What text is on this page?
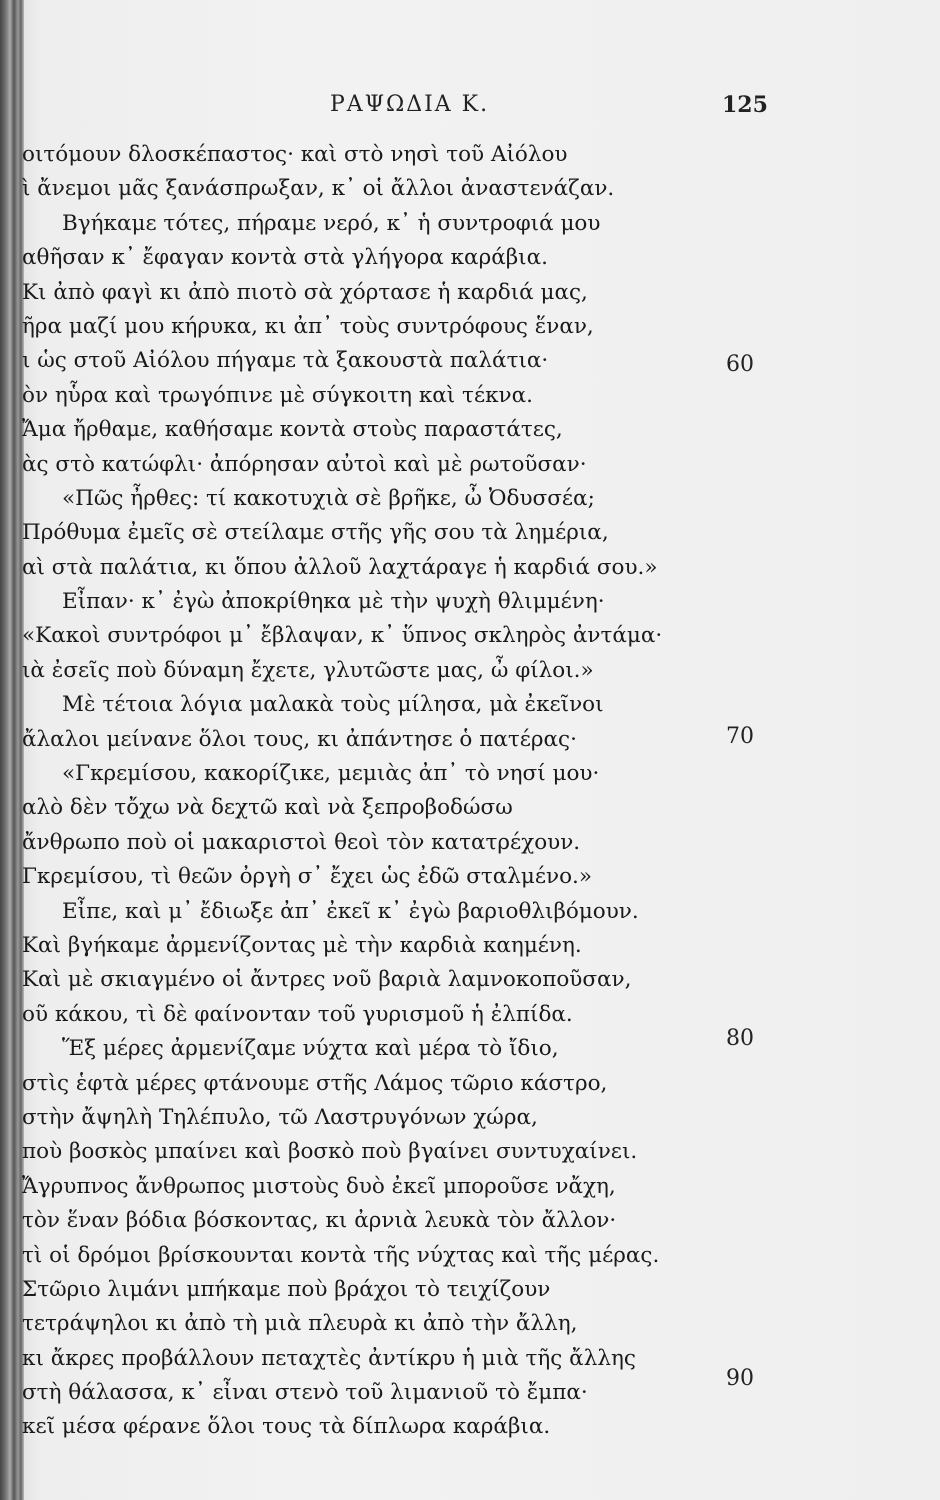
ΡΑΨΩΔΙΑ Κ.	125
οιτόμουν δλοσκέπαστος· καὶ στὸ νησὶ τοῦ Αἰόλου
ὶ ἄνεμοι μᾶς ξανάσπρωξαν, κ᾿ οἱ ἄλλοι ἀναστενάζαν.
Βγήκαμε τότες, πήραμε νερό, κ᾿ ἡ συντροφιά μου
αθῆσαν κ᾿ ἔφαγαν κοντὰ στὰ γλήγορα καράβια.
Κι ἀπὸ φαγὶ κι ἀπὸ πιοτὸ σὰ χόρτασε ἡ καρδιά μας,
ῆρα μαζί μου κήρυκα, κι ἀπ᾿ τοὺς συντρόφους ἕναν,
ι ὡς στοῦ Αἰόλου πήγαμε τὰ ξακουστὰ παλάτια·
ὸν ηὗρα καὶ τρωγόπινε μὲ σύγκοιτη καὶ τέκνα.
Ἄμα ἤρθαμε, καθήσαμε κοντὰ στοὺς παραστάτες,
ὰς στὸ κατώφλι· ἀπόρησαν αὐτοὶ καὶ μὲ ρωτοῦσαν·
«Πῶς ἦρθες: τί κακοτυχιὰ σὲ βρῆκε, ὦ Ὀδυσσέα;
Πρόθυμα ἐμεῖς σὲ στείλαμε στῆς γῆς σου τὰ λημέρια,
αὶ στὰ παλάτια, κι ὅπου ἀλλοῦ λαχτάραγε ἡ καρδιά σου.»
Εἶπαν· κ᾿ ἐγὼ ἀποκρίθηκα μὲ τὴν ψυχὴ θλιμμένη·
«Κακοὶ συντρόφοι μ᾿ ἔβλαψαν, κ᾿ ὕπνος σκληρὸς ἀντάμα·
ιὰ ἐσεῖς ποὺ δύναμη ἔχετε, γλυτῶστε μας, ὦ φίλοι.»
Μὲ τέτοια λόγια μαλακὰ τοὺς μίλησα, μὰ ἐκεῖνοι
ἄλαλοι μείνανε ὅλοι τους, κι ἀπάντησε ὁ πατέρας·
«Γκρεμίσου, κακορίζικε, μεμιὰς ἀπ᾿ τὸ νησί μου·
αλὸ δὲν τὄχω νὰ δεχτῶ καὶ νὰ ξεπροβοδώσω
ἄνθρωπο ποὺ οἱ μακαριστοὶ θεοὶ τὸν κατατρέχουν.
Γκρεμίσου, τὶ θεῶν ὀργὴ σ᾿ ἔχει ὡς ἐδῶ σταλμένο.»
Εἶπε, καὶ μ᾿ ἔδιωξε ἀπ᾿ ἐκεῖ κ᾿ ἐγὼ βαριοθλιβόμουν.
Καὶ βγήκαμε ἀρμενίζοντας μὲ τὴν καρδιὰ καημένη.
Καὶ μὲ σκιαγμένο οἱ ἄντρες νοῦ βαριὰ λαμνοκοποῦσαν,
οῦ κάκου, τὶ δὲ φαίνονταν τοῦ γυρισμοῦ ἡ ἐλπίδα.
Ἕξ μέρες ἀρμενίζαμε νύχτα καὶ μέρα τὸ ἴδιο,
στὶς ἑφτὰ μέρες φτάνουμε στῆς Λάμος τῶριο κάστρο,
στὴν ἄψηλὴ Τηλέπυλο, τῶ Λαστρυγόνων χώρα,
ποὺ βοσκὸς μπαίνει καὶ βοσκὸ ποὺ βγαίνει συντυχαίνει.
Ἄγρυπνος ἄνθρωπος μιστοὺς δυὸ ἐκεῖ μποροῦσε νἄχη,
τὸν ἕναν βόδια βόσκοντας, κι ἀρνιὰ λευκὰ τὸν ἄλλον·
τὶ οἱ δρόμοι βρίσκουνται κοντὰ τῆς νύχτας καὶ τῆς μέρας.
Στῶριο λιμάνι μπήκαμε ποὺ βράχοι τὸ τειχίζουν
τετράψηλοι κι ἀπὸ τὴ μιὰ πλευρὰ κι ἀπὸ τὴν ἄλλη,
κι ἄκρες προβάλλουν πεταχτὲς ἀντίκρυ ἡ μιὰ τῆς ἄλλης
στὴ θάλασσα, κ᾿ εἶναι στενὸ τοῦ λιμανιοῦ τὸ ἔμπα·
κεῖ μέσα φέρανε ὅλοι τους τὰ δίπλωρα καράβια.
60
70
80
90
